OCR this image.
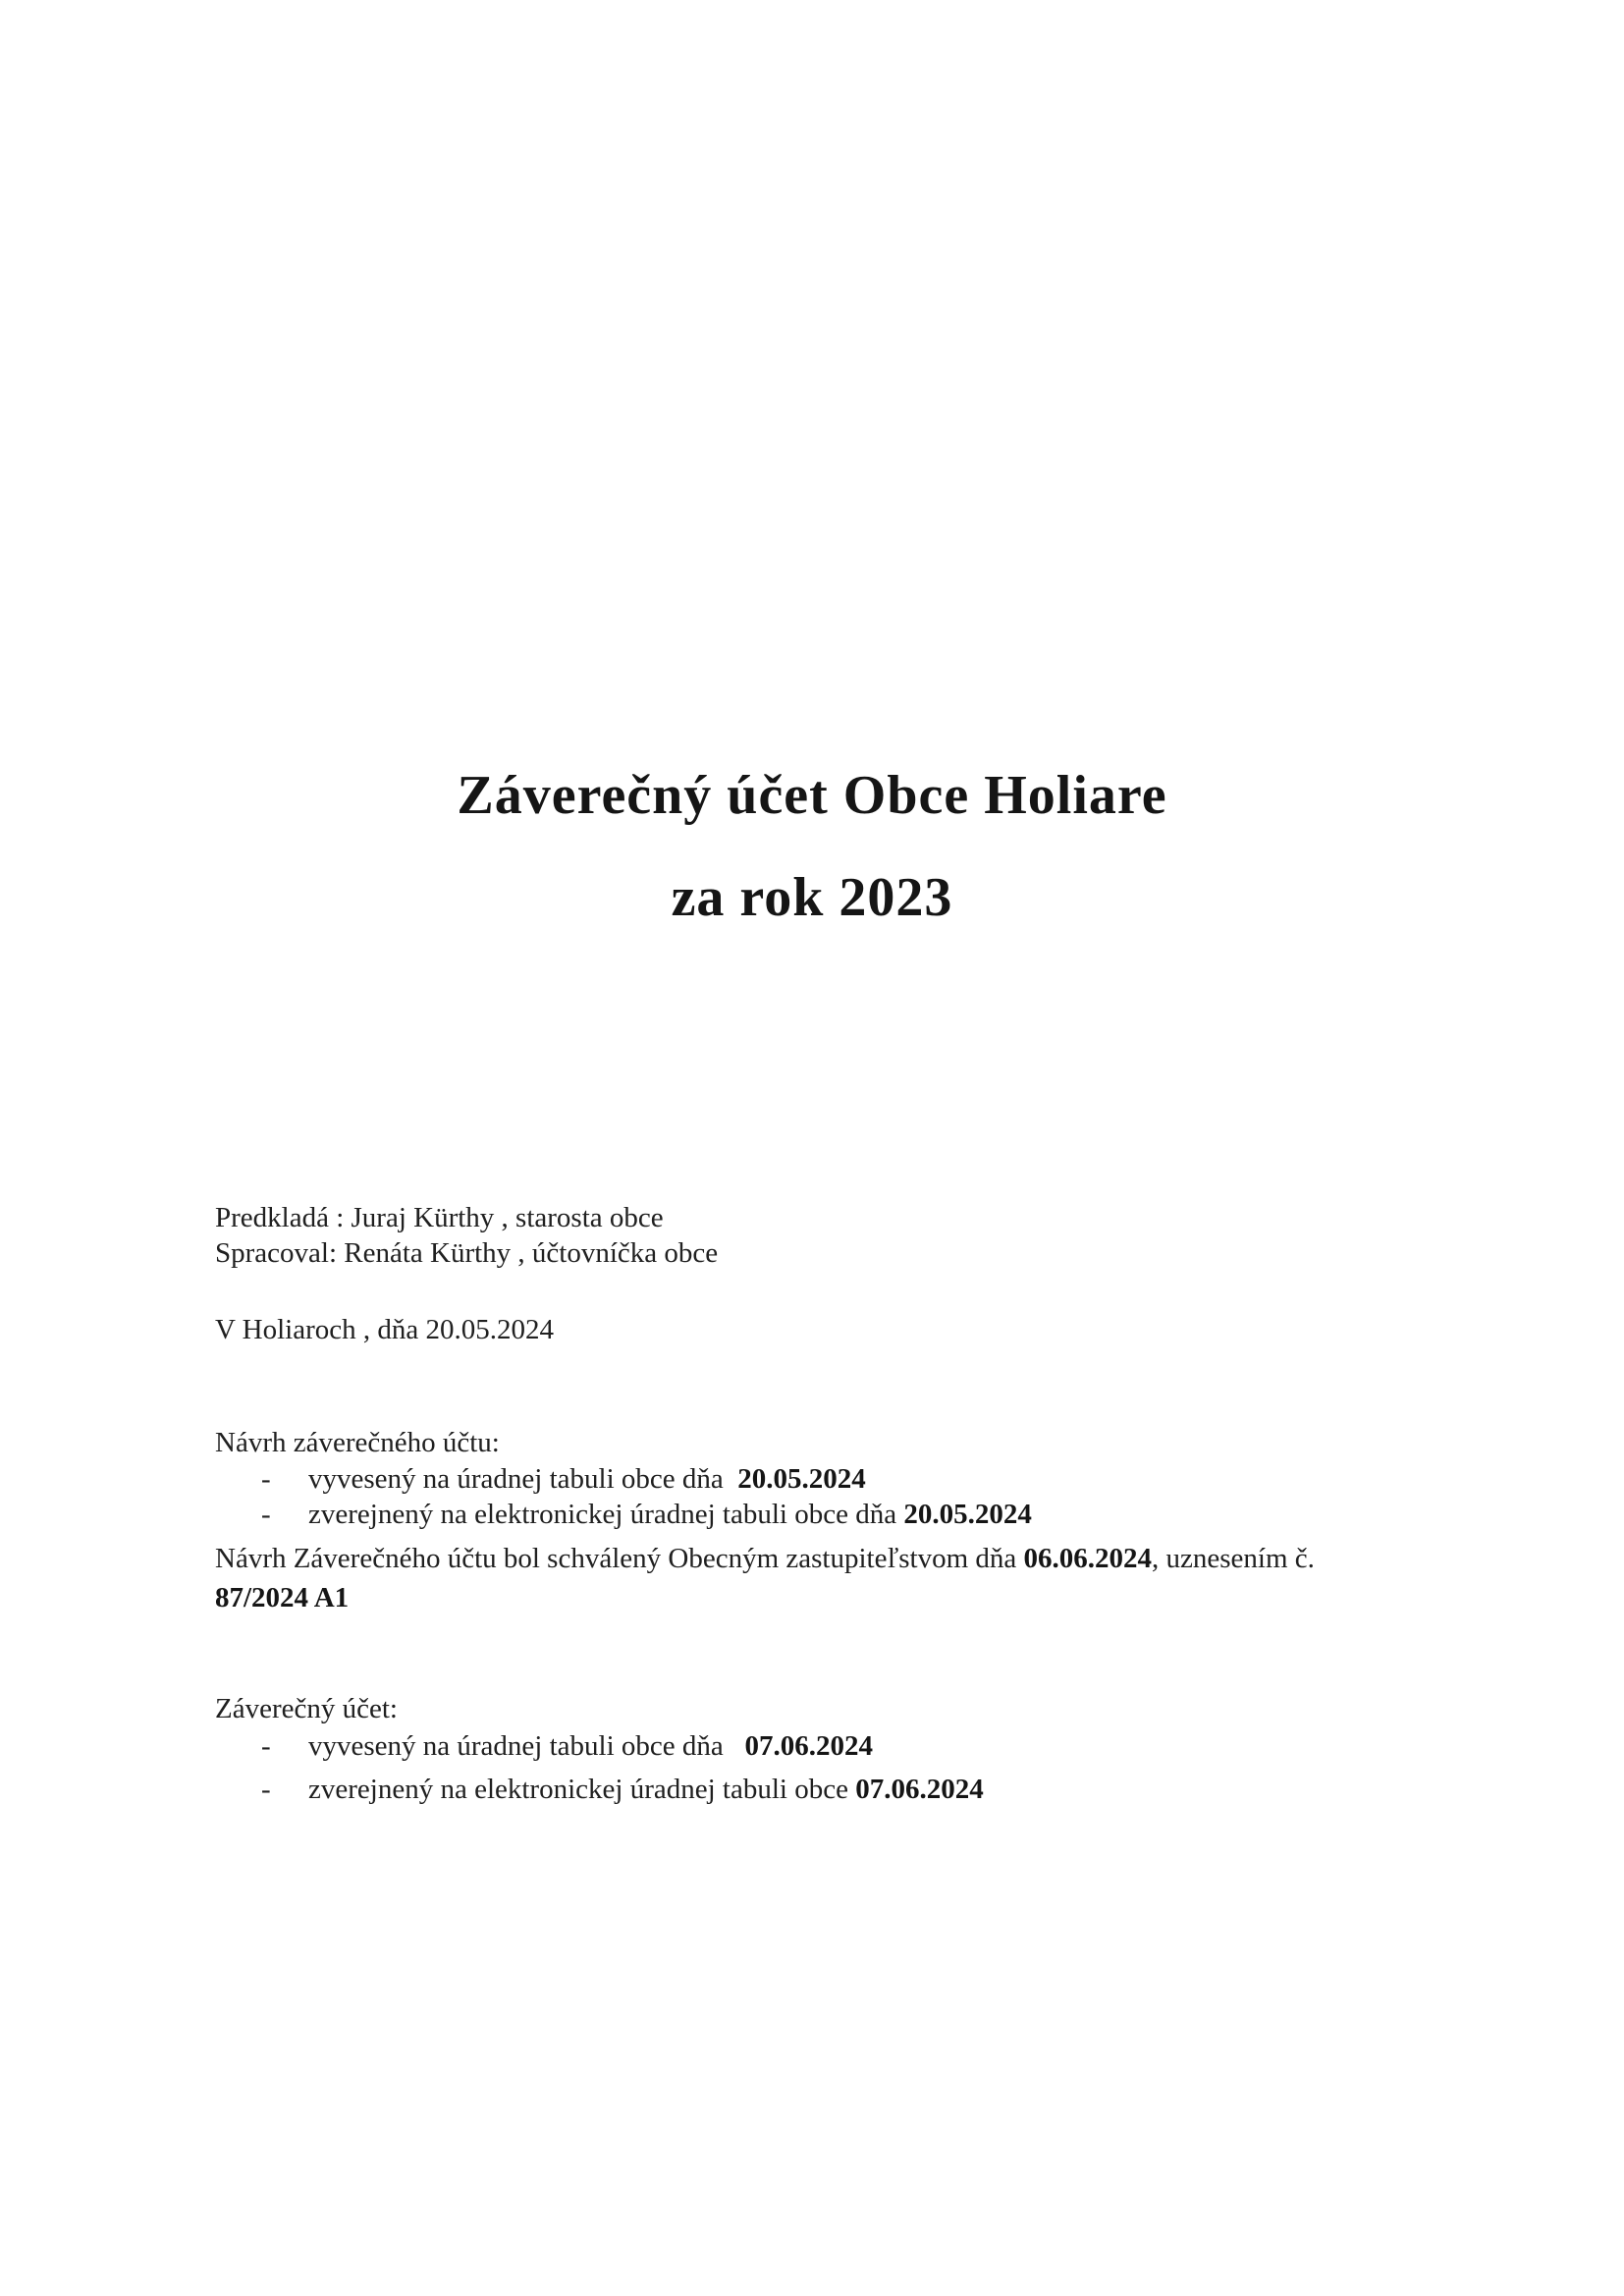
Záverečný účet Obce Holiare
za rok 2023
Predkladá : Juraj Kürthy , starosta obce
Spracoval: Renáta Kürthy , účtovníčka obce
V Holiaroch , dňa 20.05.2024
Návrh záverečného účtu:
- vyvesený na úradnej tabuli obce dňa 20.05.2024
- zverejnený na elektronickej úradnej tabuli obce dňa 20.05.2024
Návrh Záverečného účtu bol schválený Obecným zastupiteľstvom dňa 06.06.2024, uznesením č.
87/2024 A1
Záverečný účet:
- vyvesený na úradnej tabuli obce dňa 07.06.2024
- zverejnený na elektronickej úradnej tabuli obce 07.06.2024
